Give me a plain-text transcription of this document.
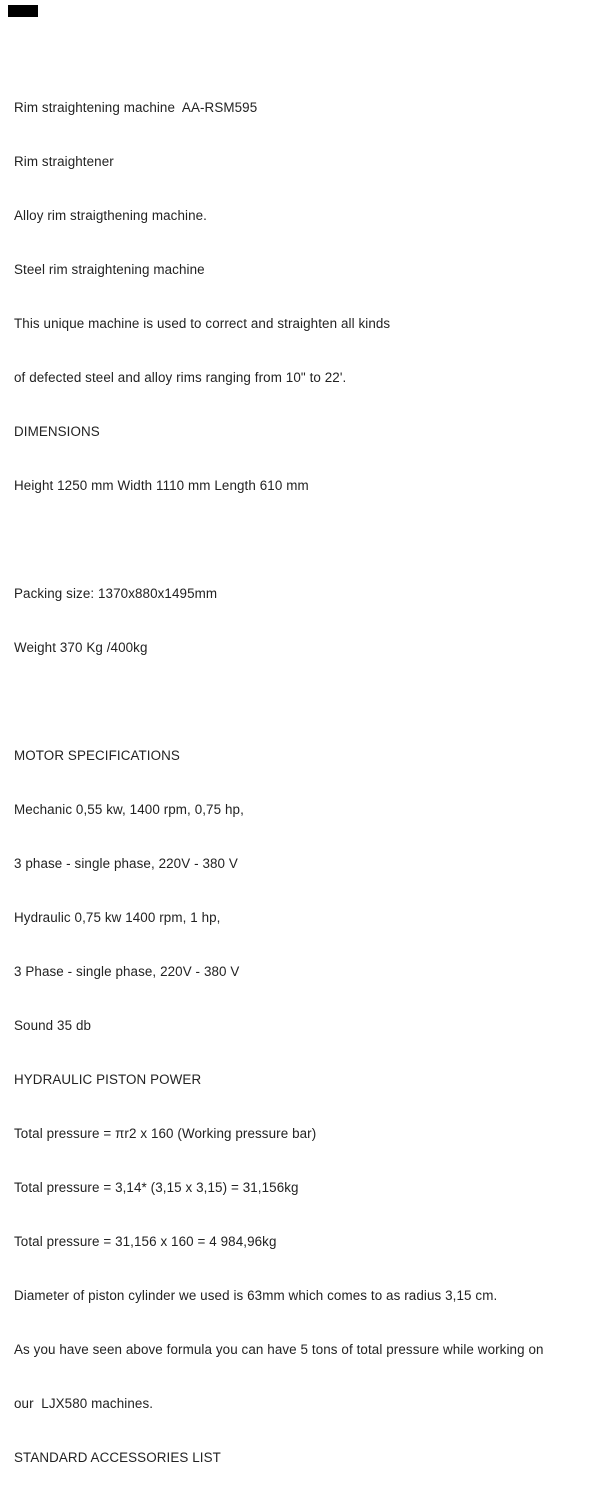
Rim straightening machine  AA-RSM595

Rim straightener

Alloy rim straigthening machine.

Steel rim straightening machine

This unique machine is used to correct and straighten all kinds

of defected steel and alloy rims ranging from 10" to 22'.

DIMENSIONS

Height 1250 mm Width 1110 mm Length 610 mm

Packing size: 1370x880x1495mm

Weight 370 Kg /400kg

MOTOR SPECIFICATIONS

Mechanic 0,55 kw, 1400 rpm, 0,75 hp,

3 phase - single phase, 220V - 380 V

Hydraulic 0,75 kw 1400 rpm, 1 hp,

3 Phase - single phase, 220V - 380 V

Sound 35 db

HYDRAULIC PISTON POWER

Total pressure = πr2 x 160 (Working pressure bar)

Total pressure = 3,14* (3,15 x 3,15) = 31,156kg

Total pressure = 31,156 x 160 = 4 984,96kg

Diameter of piston cylinder we used is 63mm which comes to as radius 3,15 cm.

As you have seen above formula you can have 5 tons of total pressure while working on

our  LJX580 machines.

STANDARD ACCESSORIES LIST
